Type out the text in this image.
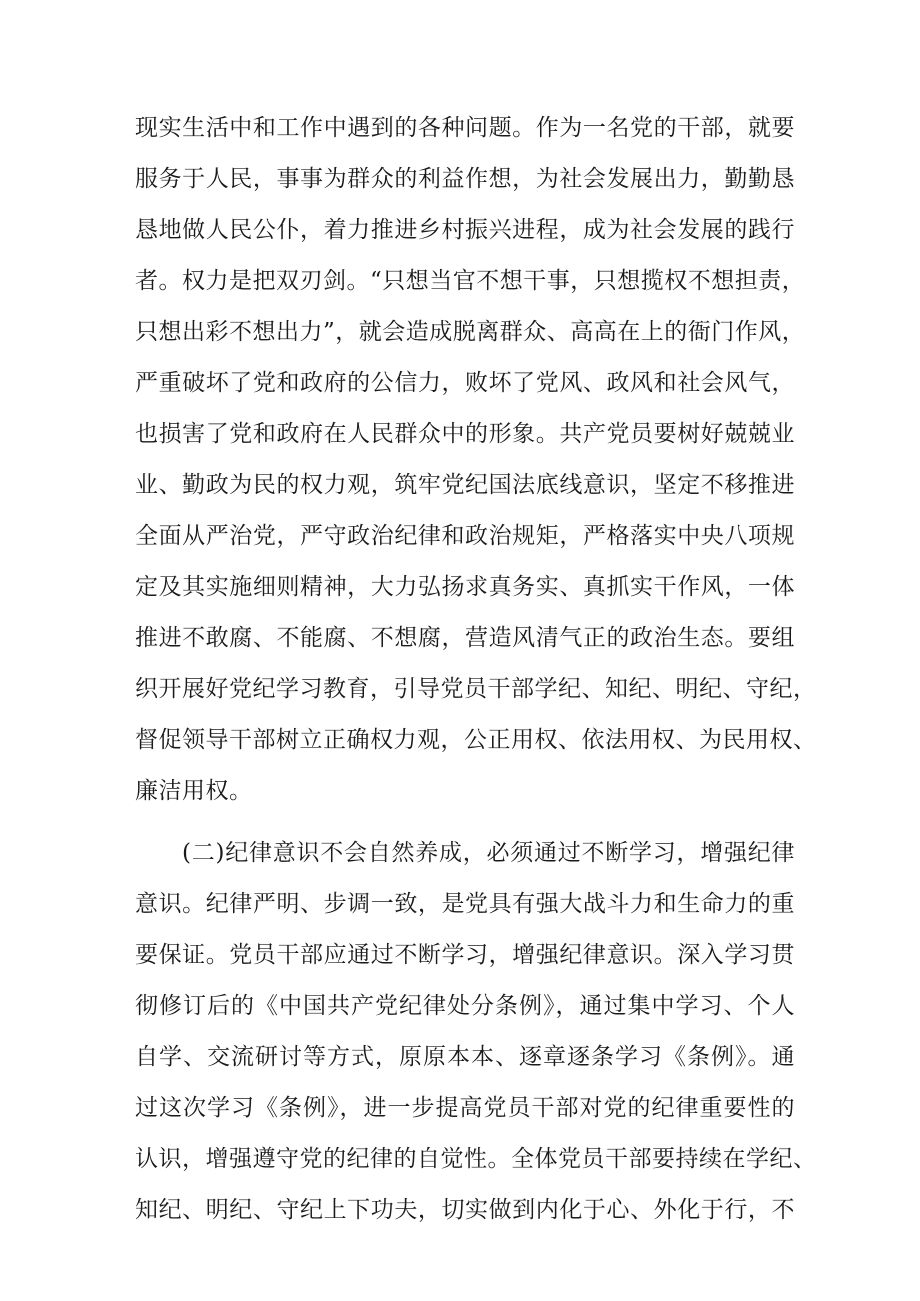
现实生活中和工作中遇到的各种问题。作为一名党的干部，就要
服务于人民，事事为群众的利益作想，为社会发展出力，勤勤恳
恳地做人民公仆，着力推进乡村振兴进程，成为社会发展的践行
者。权力是把双刃剑。“只想当官不想干事，只想揽权不想担责，
只想出彩不想出力”，就会造成脱离群众、高高在上的衙门作风，
严重破坏了党和政府的公信力，败坏了党风、政风和社会风气，
也损害了党和政府在人民群众中的形象。共产党员要树好兢兢业
业、勤政为民的权力观，筑牢党纪国法底线意识，坚定不移推进
全面从严治党，严守政治纪律和政治规矩，严格落实中央八项规
定及其实施细则精神，大力弘扬求真务实、真抓实干作风，一体
推进不敢腐、不能腐、不想腐，营造风清气正的政治生态。要组
织开展好党纪学习教育，引导党员干部学纪、知纪、明纪、守纪，
督促领导干部树立正确权力观，公正用权、依法用权、为民用权、
廉洁用权。
(二)纪律意识不会自然养成，必须通过不断学习，增强纪律
意识。纪律严明、步调一致，是党具有强大战斗力和生命力的重
要保证。党员干部应通过不断学习，增强纪律意识。深入学习贯
彻修订后的《中国共产党纪律处分条例》，通过集中学习、个人
自学、交流研讨等方式，原原本本、逐章逐条学习《条例》。通
过这次学习《条例》，进一步提高党员干部对党的纪律重要性的
认识，增强遵守党的纪律的自觉性。全体党员干部要持续在学纪、
知纪、明纪、守纪上下功夫，切实做到内化于心、外化于行，不
